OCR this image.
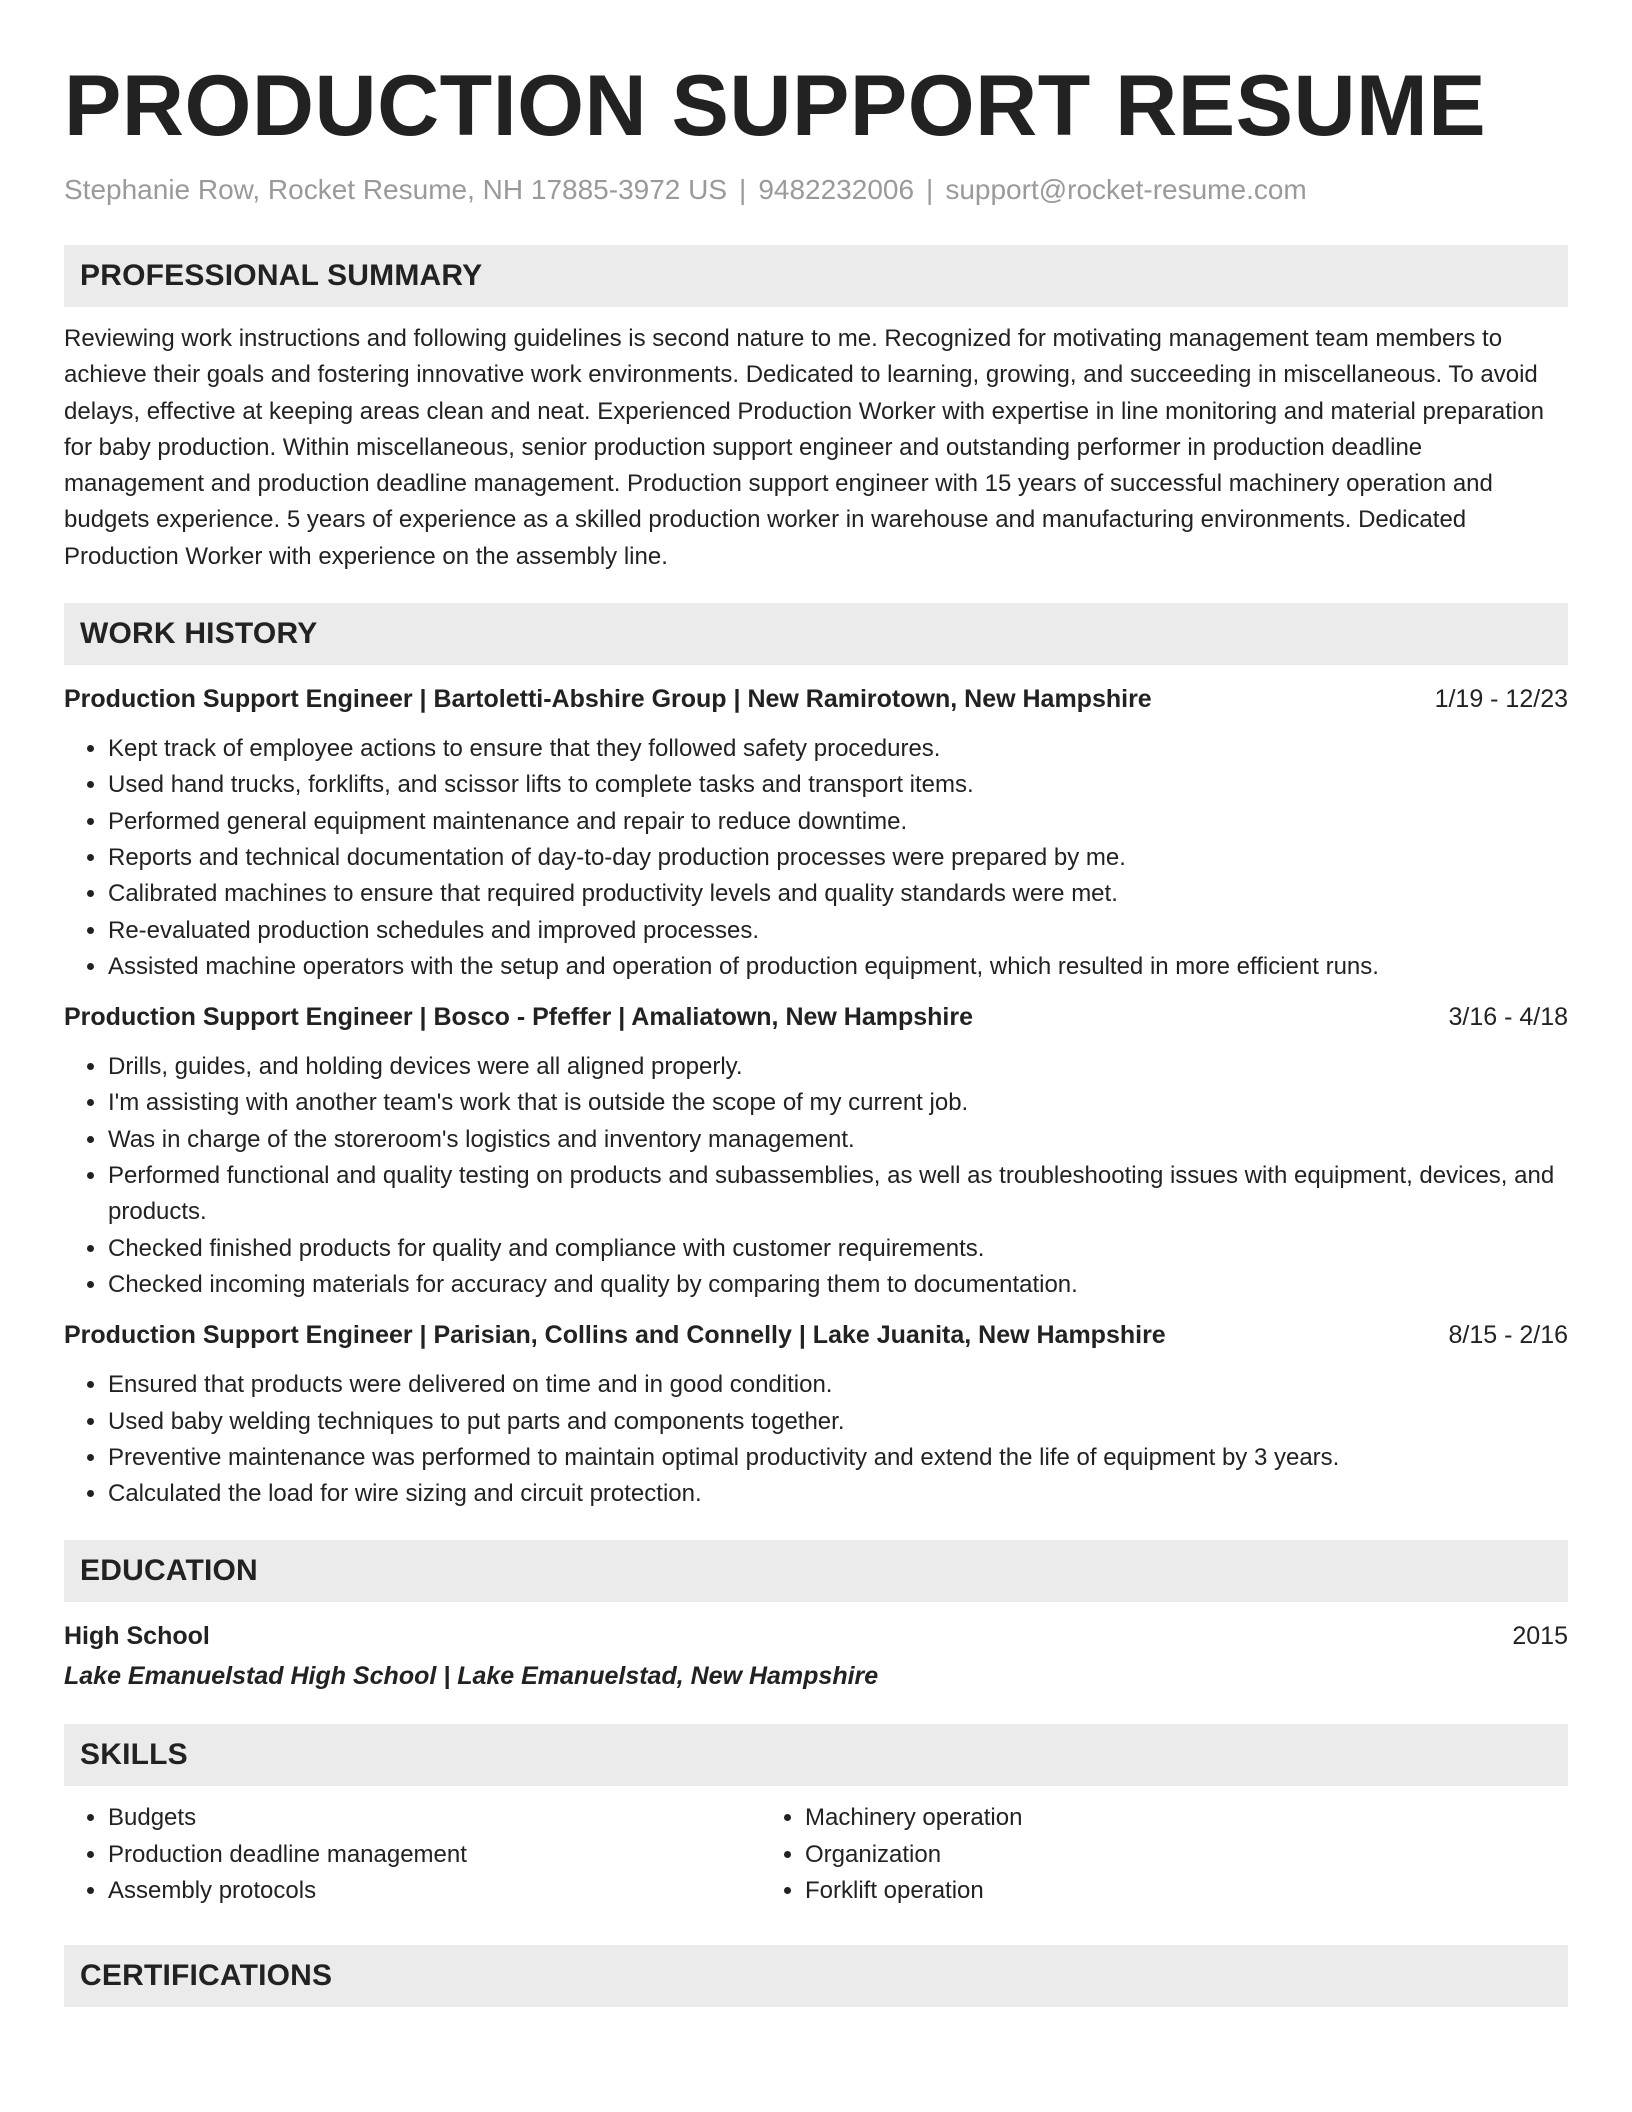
PRODUCTION SUPPORT RESUME
Stephanie Row, Rocket Resume, NH 17885-3972 US | 9482232006 | support@rocket-resume.com
PROFESSIONAL SUMMARY
Reviewing work instructions and following guidelines is second nature to me. Recognized for motivating management team members to achieve their goals and fostering innovative work environments. Dedicated to learning, growing, and succeeding in miscellaneous. To avoid delays, effective at keeping areas clean and neat. Experienced Production Worker with expertise in line monitoring and material preparation for baby production. Within miscellaneous, senior production support engineer and outstanding performer in production deadline management and production deadline management. Production support engineer with 15 years of successful machinery operation and budgets experience. 5 years of experience as a skilled production worker in warehouse and manufacturing environments. Dedicated Production Worker with experience on the assembly line.
WORK HISTORY
Production Support Engineer | Bartoletti-Abshire Group | New Ramirotown, New Hampshire	1/19 - 12/23
• Kept track of employee actions to ensure that they followed safety procedures.
• Used hand trucks, forklifts, and scissor lifts to complete tasks and transport items.
• Performed general equipment maintenance and repair to reduce downtime.
• Reports and technical documentation of day-to-day production processes were prepared by me.
• Calibrated machines to ensure that required productivity levels and quality standards were met.
• Re-evaluated production schedules and improved processes.
• Assisted machine operators with the setup and operation of production equipment, which resulted in more efficient runs.
Production Support Engineer | Bosco - Pfeffer | Amaliatown, New Hampshire	3/16 - 4/18
• Drills, guides, and holding devices were all aligned properly.
• I'm assisting with another team's work that is outside the scope of my current job.
• Was in charge of the storeroom's logistics and inventory management.
• Performed functional and quality testing on products and subassemblies, as well as troubleshooting issues with equipment, devices, and products.
• Checked finished products for quality and compliance with customer requirements.
• Checked incoming materials for accuracy and quality by comparing them to documentation.
Production Support Engineer | Parisian, Collins and Connelly | Lake Juanita, New Hampshire	8/15 - 2/16
• Ensured that products were delivered on time and in good condition.
• Used baby welding techniques to put parts and components together.
• Preventive maintenance was performed to maintain optimal productivity and extend the life of equipment by 3 years.
• Calculated the load for wire sizing and circuit protection.
EDUCATION
High School	2015
Lake Emanuelstad High School | Lake Emanuelstad, New Hampshire
SKILLS
• Budgets
• Production deadline management
• Assembly protocols
• Machinery operation
• Organization
• Forklift operation
CERTIFICATIONS
